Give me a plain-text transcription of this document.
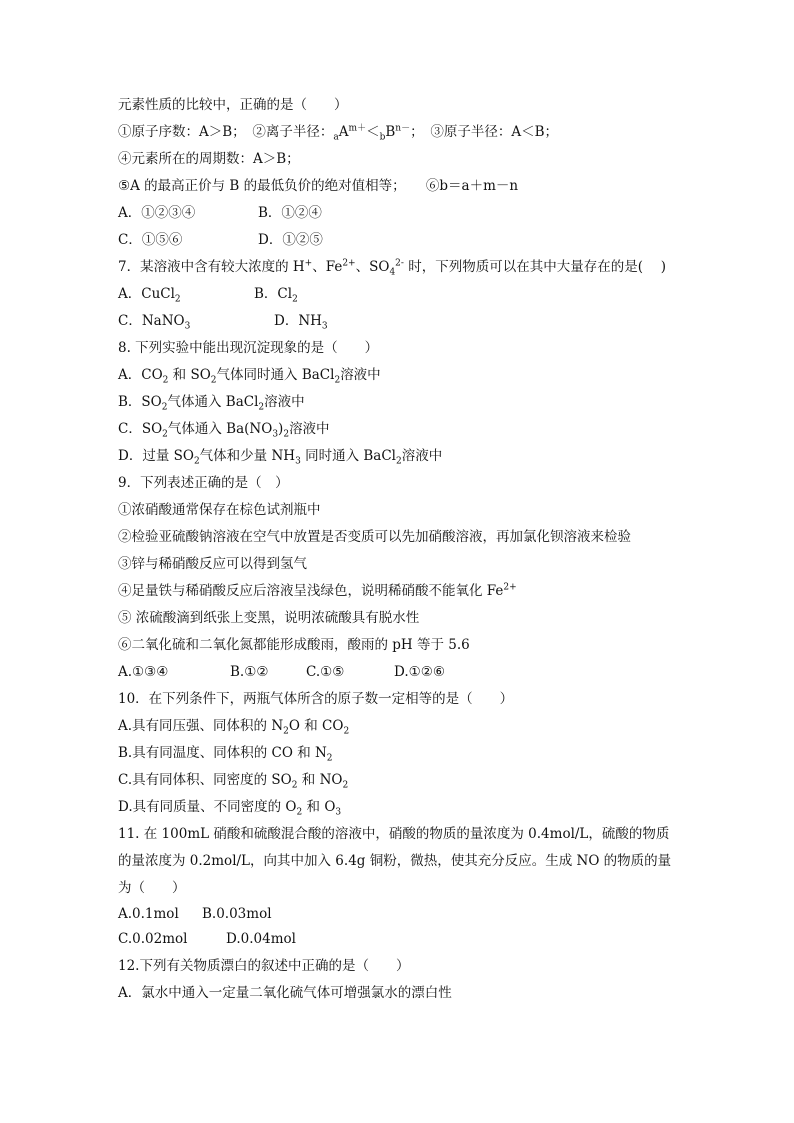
元素性质的比较中，正确的是（　　）
①原子序数：A＞B；　②离子半径：$_aA^{m+}<_bB^{n-}$；　③原子半径：A＜B；
④元素所在的周期数：A＞B；
⑤A 的最高正价与 B 的最低负价的绝对值相等；　　⑥b＝a＋m－n
A．①②③④	B．①②④
C．①⑤⑥	D．①②⑤
7．某溶液中含有较大浓度的 H+、$Fe^{2+}$、$SO_4^{2-}$ 时，下列物质可以在其中大量存在的是(　 )
A．CuCl$_2$	B．$Cl_2$
C．NaNO$_3$	D．$NH_3$
8. 下列实验中能出现沉淀现象的是（　　）
A．$CO_2$ 和 $SO_2$气体同时通入 BaCl$_2$溶液中
B．$SO_2$气体通入 BaCl$_2$溶液中
C．$SO_2$气体通入 $Ba(NO_3)_2$溶液中
D．过量 $SO_2$气体和少量 $NH_3$ 同时通入 BaCl$_2$溶液中
9．下列表述正确的是（　）
①浓硝酸通常保存在棕色试剂瓶中
②检验亚硫酸钠溶液在空气中放置是否变质可以先加硝酸溶液，再加氯化钡溶液来检验
③锌与稀硝酸反应可以得到氢气
④足量铁与稀硝酸反应后溶液呈浅绿色，说明稀硝酸不能氧化 $Fe^{2+}$
⑤ 浓硫酸滴到纸张上变黑，说明浓硫酸具有脱水性
⑥二氧化硫和二氧化氮都能形成酸雨，酸雨的 pH 等于 5.6
A.①③④	B.①②	C.①⑤	D.①②⑥
10．在下列条件下，两瓶气体所含的原子数一定相等的是（　　）
A.具有同压强、同体积的 $N_2O$ 和 $CO_2$
B.具有同温度、同体积的 CO 和 $N_2$
C.具有同体积、同密度的 $SO_2$ 和 $NO_2$
D.具有同质量、不同密度的 $O_2$ 和 $O_3$
11. 在 100mL 硝酸和硫酸混合酸的溶液中，硝酸的物质的量浓度为 0.4mol/L，硫酸的物质
的量浓度为 0.2mol/L，向其中加入 6.4g 铜粉，微热，使其充分反应。生成 NO 的物质的量
为（　　）
A.0.1mol B.0.03mol
C.0.02mol	D.0.04mol
12.下列有关物质漂白的叙述中正确的是（　　）
A．氯水中通入一定量二氧化硫气体可增强氯水的漂白性
